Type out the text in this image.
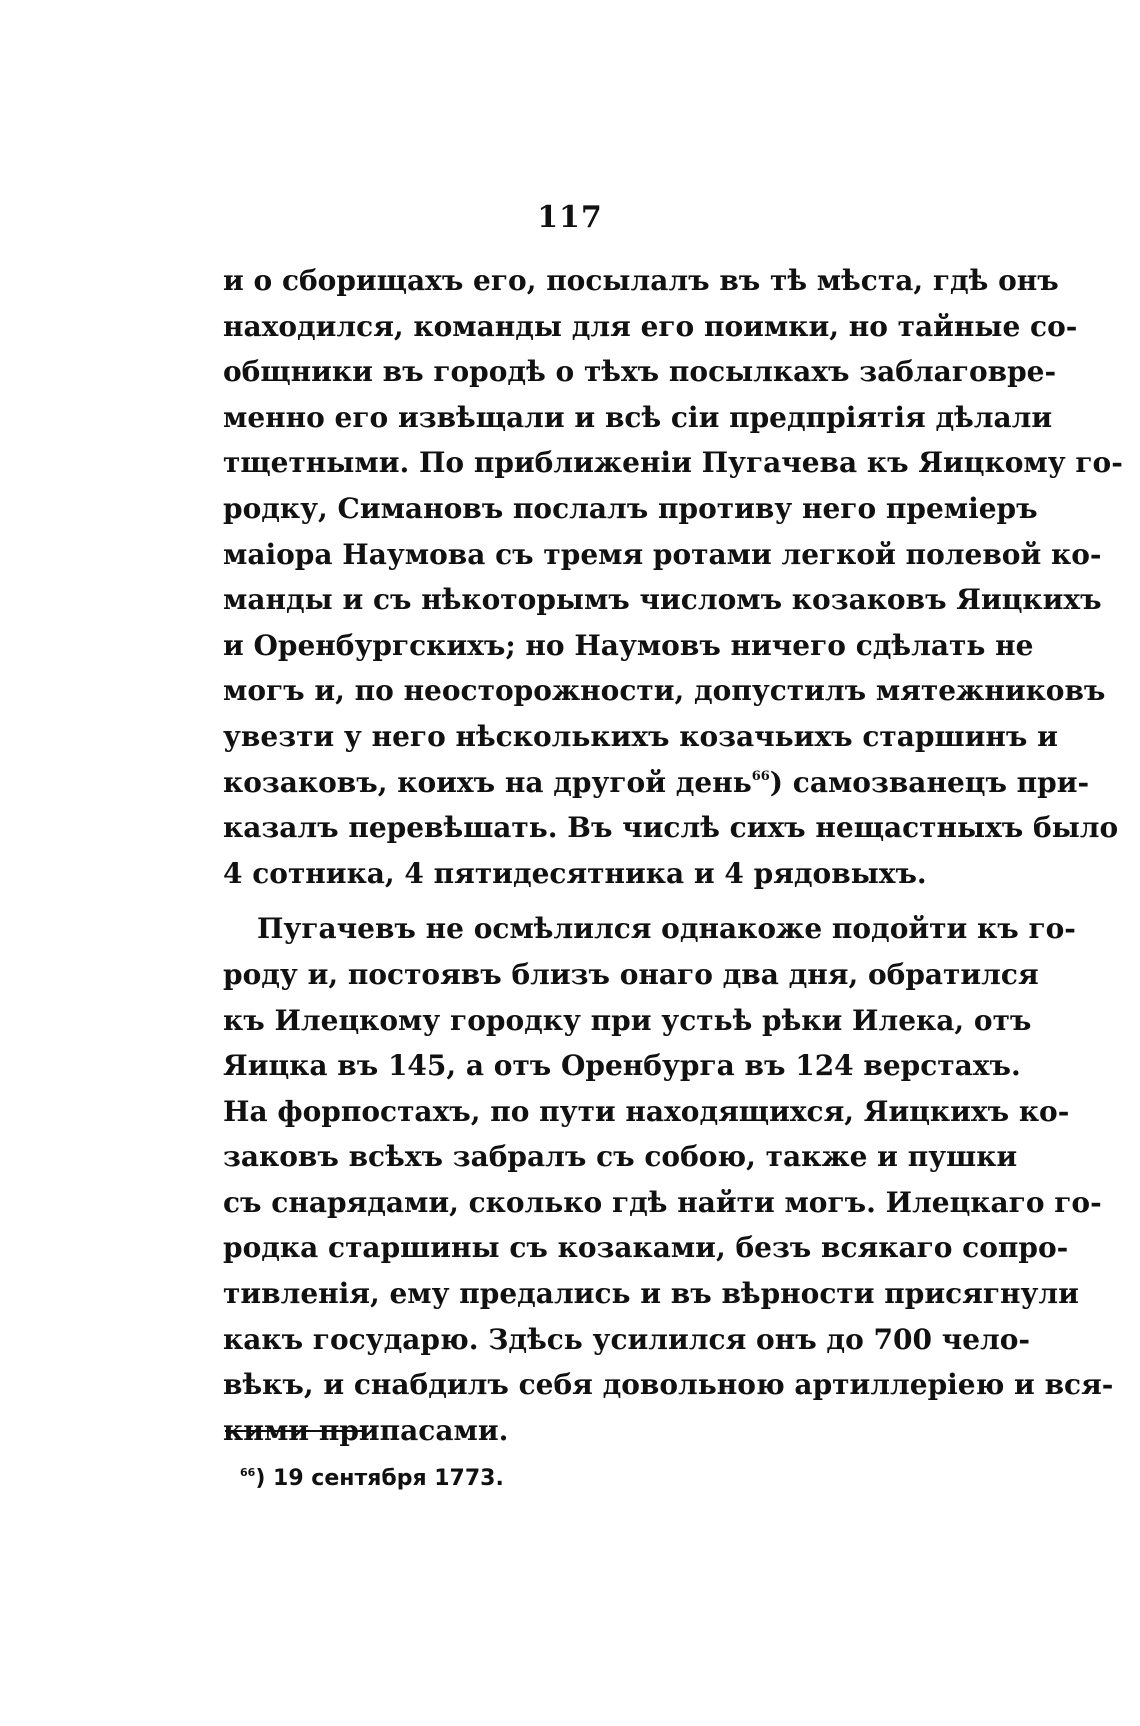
117
и о сборищахъ его, посылалъ въ тѣ мѣста, гдѣ онъ
находился, команды для его поимки, но тайные со-
общники въ городѣ о тѣхъ посылкахъ заблаговре-
менно его извѣщали и всѣ сіи предпріятія дѣлали
тщетными. По приближеніи Пугачева къ Яицкому го-
родку, Симановъ послалъ противу него преміеръ
маіора Наумова съ тремя ротами легкой полевой ко-
манды и съ нѣкоторымъ числомъ козаковъ Яицкихъ
и Оренбургскихъ; но Наумовъ ничего сдѣлать не
могъ и, по неосторожности, допустилъ мятежниковъ
увезти у него нѣсколькихъ козачьихъ старшинъ и
козаковъ, коихъ на другой день$^{66}$) самозванецъ при-
казалъ перевѣшать. Въ числѣ сихъ нещастныхъ было
4 сотника, 4 пятидесятника и 4 рядовыхъ.
Пугачевъ не осмѣлился однакоже подойти къ го-
роду и, постоявъ близъ онаго два дня, обратился
къ Илецкому городку при устьѣ рѣки Илека, отъ
Яицка въ 145, а отъ Оренбурга въ 124 верстахъ.
На форпостахъ, по пути находящихся, Яицкихъ ко-
заковъ всѣхъ забралъ съ собою, также и пушки
съ снарядами, сколько гдѣ найти могъ. Илецкаго го-
родка старшины съ козаками, безъ всякаго сопро-
тивленія, ему предались и въ вѣрности присягнули
какъ государю. Здѣсь усилился онъ до 700 чело-
вѣкъ, и снабдилъ себя довольною артиллеріею и вся-
кими припасами.
$^{66}$) 19 сентября 1773.
